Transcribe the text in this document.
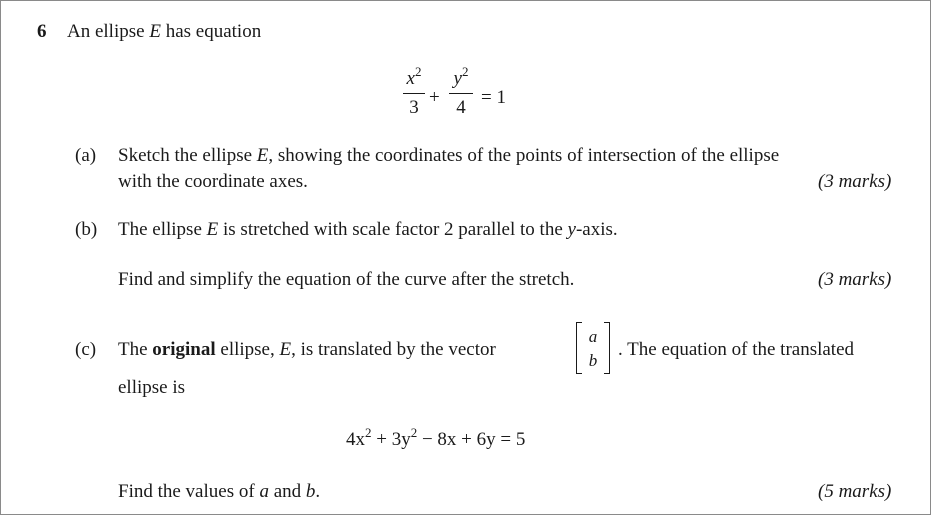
6 An ellipse E has equation
$x^2$
3 +
$y^2$
4 = 1
(a) Sketch the ellipse E, showing the coordinates of the points of intersection of the ellipse
with the coordinate axes.	(3 marks)
(b) The ellipse E is stretched with scale factor 2 parallel to the y-axis.
Find and simplify the equation of the curve after the stretch.	(3 marks)
(c) The original ellipse, E, is translated by the vector
a
b
. The equation of the translated
ellipse is
$4x^2 + 3y^2 - 8x + 6y = 5$
Find the values of a and b.	(5 marks)
